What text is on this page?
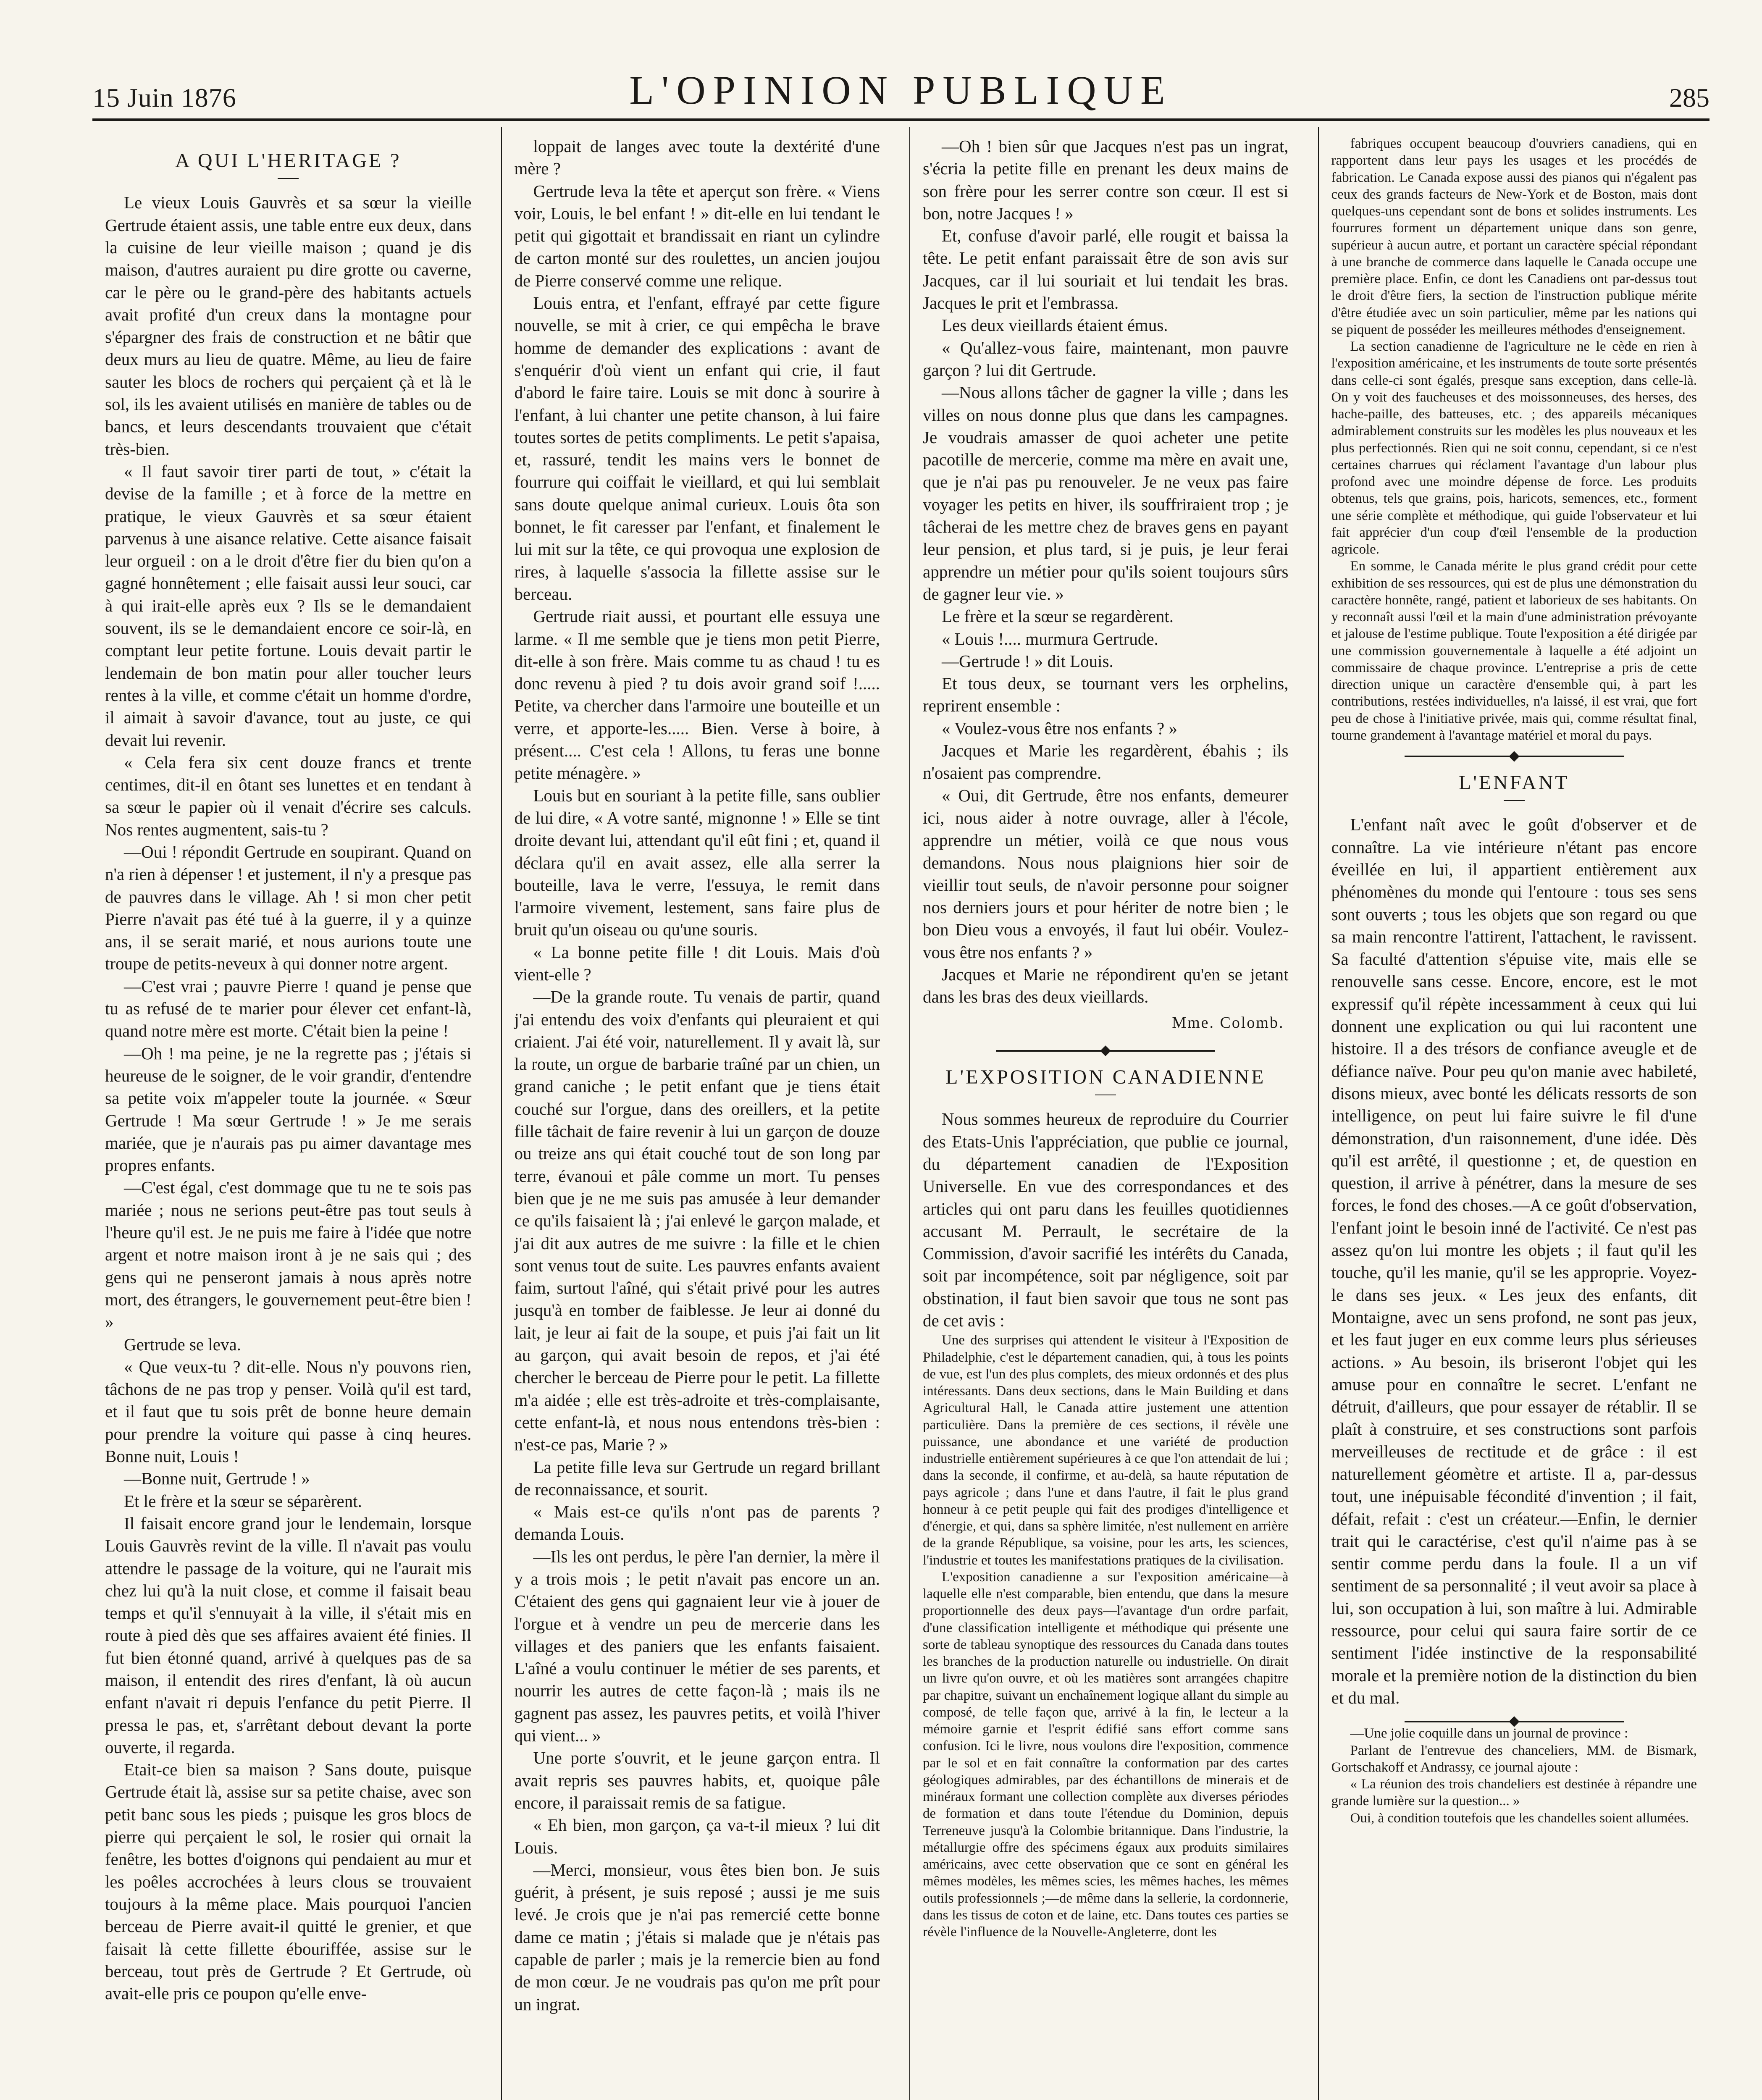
15 Juin 1876	L'OPINION PUBLIQUE	285
A QUI L'HERITAGE ?

Le vieux Louis Gauvrès et sa sœur la vieille Gertrude étaient assis, une table entre eux deux, dans la cuisine de leur vieille maison ; quand je dis maison, d'autres auraient pu dire grotte ou caverne, car le père ou le grand-père des habitants actuels avait profité d'un creux dans la montagne pour s'épargner des frais de construction et ne bâtir que deux murs au lieu de quatre. Même, au lieu de faire sauter les blocs de rochers qui perçaient çà et là le sol, ils les avaient utilisés en manière de tables ou de bancs, et leurs descendants trouvaient que c'était très-bien.

« Il faut savoir tirer parti de tout, » c'était la devise de la famille ; et à force de la mettre en pratique, le vieux Gauvrès et sa sœur étaient parvenus à une aisance relative. Cette aisance faisait leur orgueil : on a le droit d'être fier du bien qu'on a gagné honnêtement ; elle faisait aussi leur souci, car à qui irait-elle après eux ? Ils se le demandaient souvent, ils se le demandaient encore ce soir-là, en comptant leur petite fortune. Louis devait partir le lendemain de bon matin pour aller toucher leurs rentes à la ville, et comme c'était un homme d'ordre, il aimait à savoir d'avance, tout au juste, ce qui devait lui revenir.

« Cela fera six cent douze francs et trente centimes, dit-il en ôtant ses lunettes et en tendant à sa sœur le papier où il venait d'écrire ses calculs. Nos rentes augmentent, sais-tu ?

—Oui ! répondit Gertrude en soupirant. Quand on n'a rien à dépenser ! et justement, il n'y a presque pas de pauvres dans le village. Ah ! si mon cher petit Pierre n'avait pas été tué à la guerre, il y a quinze ans, il se serait marié, et nous aurions toute une troupe de petits-neveux à qui donner notre argent.

—C'est vrai ; pauvre Pierre ! quand je pense que tu as refusé de te marier pour élever cet enfant-là, quand notre mère est morte. C'était bien la peine !

—Oh ! ma peine, je ne la regrette pas ; j'étais si heureuse de le soigner, de le voir grandir, d'entendre sa petite voix m'appeler toute la journée. « Sœur Gertrude ! Ma sœur Gertrude ! » Je me serais mariée, que je n'aurais pas pu aimer davantage mes propres enfants.

—C'est égal, c'est dommage que tu ne te sois pas mariée ; nous ne serions peut-être pas tout seuls à l'heure qu'il est. Je ne puis me faire à l'idée que notre argent et notre maison iront à je ne sais qui ; des gens qui ne penseront jamais à nous après notre mort, des étrangers, le gouvernement peut-être bien ! »

Gertrude se leva.

« Que veux-tu ? dit-elle. Nous n'y pouvons rien, tâchons de ne pas trop y penser. Voilà qu'il est tard, et il faut que tu sois prêt de bonne heure demain pour prendre la voiture qui passe à cinq heures. Bonne nuit, Louis !

—Bonne nuit, Gertrude ! »

Et le frère et la sœur se séparèrent.

Il faisait encore grand jour le lendemain, lorsque Louis Gauvrès revint de la ville. Il n'avait pas voulu attendre le passage de la voiture, qui ne l'aurait mis chez lui qu'à la nuit close, et comme il faisait beau temps et qu'il s'ennuyait à la ville, il s'était mis en route à pied dès que ses affaires avaient été finies. Il fut bien étonné quand, arrivé à quelques pas de sa maison, il entendit des rires d'enfant, là où aucun enfant n'avait ri depuis l'enfance du petit Pierre. Il pressa le pas, et, s'arrêtant debout devant la porte ouverte, il regarda.

Etait-ce bien sa maison ? Sans doute, puisque Gertrude était là, assise sur sa petite chaise, avec son petit banc sous les pieds ; puisque les gros blocs de pierre qui perçaient le sol, le rosier qui ornait la fenêtre, les bottes d'oignons qui pendaient au mur et les poêles accrochées à leurs clous se trouvaient toujours à la même place. Mais pourquoi l'ancien berceau de Pierre avait-il quitté le grenier, et que faisait là cette fillette ébouriffée, assise sur le berceau, tout près de Gertrude ? Et Gertrude, où avait-elle pris ce poupon qu'elle enve-

loppait de langes avec toute la dextérité d'une mère ?

Gertrude leva la tête et aperçut son frère. « Viens voir, Louis, le bel enfant ! » dit-elle en lui tendant le petit qui gigottait et brandissait en riant un cylindre de carton monté sur des roulettes, un ancien joujou de Pierre conservé comme une relique.

Louis entra, et l'enfant, effrayé par cette figure nouvelle, se mit à crier, ce qui empêcha le brave homme de demander des explications : avant de s'enquérir d'où vient un enfant qui crie, il faut d'abord le faire taire. Louis se mit donc à sourire à l'enfant, à lui chanter une petite chanson, à lui faire toutes sortes de petits compliments. Le petit s'apaisa, et, rassuré, tendit les mains vers le bonnet de fourrure qui coiffait le vieillard, et qui lui semblait sans doute quelque animal curieux. Louis ôta son bonnet, le fit caresser par l'enfant, et finalement le lui mit sur la tête, ce qui provoqua une explosion de rires, à laquelle s'associa la fillette assise sur le berceau.

Gertrude riait aussi, et pourtant elle essuya une larme. « Il me semble que je tiens mon petit Pierre, dit-elle à son frère. Mais comme tu as chaud ! tu es donc revenu à pied ? tu dois avoir grand soif !..... Petite, va chercher dans l'armoire une bouteille et un verre, et apporte-les..... Bien. Verse à boire, à présent.... C'est cela ! Allons, tu feras une bonne petite ménagère. »

Louis but en souriant à la petite fille, sans oublier de lui dire, « A votre santé, mignonne ! » Elle se tint droite devant lui, attendant qu'il eût fini ; et, quand il déclara qu'il en avait assez, elle alla serrer la bouteille, lava le verre, l'essuya, le remit dans l'armoire vivement, lestement, sans faire plus de bruit qu'un oiseau ou qu'une souris.

« La bonne petite fille ! dit Louis. Mais d'où vient-elle ?

—De la grande route. Tu venais de partir, quand j'ai entendu des voix d'enfants qui pleuraient et qui criaient. J'ai été voir, naturellement. Il y avait là, sur la route, un orgue de barbarie traîné par un chien, un grand caniche ; le petit enfant que je tiens était couché sur l'orgue, dans des oreillers, et la petite fille tâchait de faire revenir à lui un garçon de douze ou treize ans qui était couché tout de son long par terre, évanoui et pâle comme un mort. Tu penses bien que je ne me suis pas amusée à leur demander ce qu'ils faisaient là ; j'ai enlevé le garçon malade, et j'ai dit aux autres de me suivre : la fille et le chien sont venus tout de suite. Les pauvres enfants avaient faim, surtout l'aîné, qui s'était privé pour les autres jusqu'à en tomber de faiblesse. Je leur ai donné du lait, je leur ai fait de la soupe, et puis j'ai fait un lit au garçon, qui avait besoin de repos, et j'ai été chercher le berceau de Pierre pour le petit. La fillette m'a aidée ; elle est très-adroite et très-complaisante, cette enfant-là, et nous nous entendons très-bien : n'est-ce pas, Marie ? »

La petite fille leva sur Gertrude un regard brillant de reconnaissance, et sourit.

« Mais est-ce qu'ils n'ont pas de parents ? demanda Louis.

—Ils les ont perdus, le père l'an dernier, la mère il y a trois mois ; le petit n'avait pas encore un an. C'étaient des gens qui gagnaient leur vie à jouer de l'orgue et à vendre un peu de mercerie dans les villages et des paniers que les enfants faisaient. L'aîné a voulu continuer le métier de ses parents, et nourrir les autres de cette façon-là ; mais ils ne gagnent pas assez, les pauvres petits, et voilà l'hiver qui vient... »

Une porte s'ouvrit, et le jeune garçon entra. Il avait repris ses pauvres habits, et, quoique pâle encore, il paraissait remis de sa fatigue.

« Eh bien, mon garçon, ça va-t-il mieux ? lui dit Louis.

—Merci, monsieur, vous êtes bien bon. Je suis guérit, à présent, je suis reposé ; aussi je me suis levé. Je crois que je n'ai pas remercié cette bonne dame ce matin ; j'étais si malade que je n'étais pas capable de parler ; mais je la remercie bien au fond de mon cœur. Je ne voudrais pas qu'on me prît pour un ingrat.

—Oh ! bien sûr que Jacques n'est pas un ingrat, s'écria la petite fille en prenant les deux mains de son frère pour les serrer contre son cœur. Il est si bon, notre Jacques ! »

Et, confuse d'avoir parlé, elle rougit et baissa la tête. Le petit enfant paraissait être de son avis sur Jacques, car il lui souriait et lui tendait les bras. Jacques le prit et l'embrassa.

Les deux vieillards étaient émus.

« Qu'allez-vous faire, maintenant, mon pauvre garçon ? lui dit Gertrude.

—Nous allons tâcher de gagner la ville ; dans les villes on nous donne plus que dans les campagnes. Je voudrais amasser de quoi acheter une petite pacotille de mercerie, comme ma mère en avait une, que je n'ai pas pu renouveler. Je ne veux pas faire voyager les petits en hiver, ils souffriraient trop ; je tâcherai de les mettre chez de braves gens en payant leur pension, et plus tard, si je puis, je leur ferai apprendre un métier pour qu'ils soient toujours sûrs de gagner leur vie. »

Le frère et la sœur se regardèrent.

« Louis !.... murmura Gertrude.

—Gertrude ! » dit Louis.

Et tous deux, se tournant vers les orphelins, reprirent ensemble :

« Voulez-vous être nos enfants ? »

Jacques et Marie les regardèrent, ébahis ; ils n'osaient pas comprendre.

« Oui, dit Gertrude, être nos enfants, demeurer ici, nous aider à notre ouvrage, aller à l'école, apprendre un métier, voilà ce que nous vous demandons. Nous nous plaignions hier soir de vieillir tout seuls, de n'avoir personne pour soigner nos derniers jours et pour hériter de notre bien ; le bon Dieu vous a envoyés, il faut lui obéir. Voulez-vous être nos enfants ? »

Jacques et Marie ne répondirent qu'en se jetant dans les bras des deux vieillards.

Mme. Colomb.
L'EXPOSITION CANADIENNE

Nous sommes heureux de reproduire du Courrier des Etats-Unis l'appréciation, que publie ce journal, du département canadien de l'Exposition Universelle. En vue des correspondances et des articles qui ont paru dans les feuilles quotidiennes accusant M. Perrault, le secrétaire de la Commission, d'avoir sacrifié les intérêts du Canada, soit par incompétence, soit par négligence, soit par obstination, il faut bien savoir que tous ne sont pas de cet avis :

Une des surprises qui attendent le visiteur à l'Exposition de Philadelphie, c'est le département canadien, qui, à tous les points de vue, est l'un des plus complets, des mieux ordonnés et des plus intéressants. Dans deux sections, dans le Main Building et dans Agricultural Hall, le Canada attire justement une attention particulière. Dans la première de ces sections, il révèle une puissance, une abondance et une variété de production industrielle entièrement supérieures à ce que l'on attendait de lui ; dans la seconde, il confirme, et au-delà, sa haute réputation de pays agricole ; dans l'une et dans l'autre, il fait le plus grand honneur à ce petit peuple qui fait des prodiges d'intelligence et d'énergie, et qui, dans sa sphère limitée, n'est nullement en arrière de la grande République, sa voisine, pour les arts, les sciences, l'industrie et toutes les manifestations pratiques de la civilisation.

L'exposition canadienne a sur l'exposition américaine—à laquelle elle n'est comparable, bien entendu, que dans la mesure proportionnelle des deux pays—l'avantage d'un ordre parfait, d'une classification intelligente et méthodique qui présente une sorte de tableau synoptique des ressources du Canada dans toutes les branches de la production naturelle ou industrielle. On dirait un livre qu'on ouvre, et où les matières sont arrangées chapitre par chapitre, suivant un enchaînement logique allant du simple au composé, de telle façon que, arrivé à la fin, le lecteur a la mémoire garnie et l'esprit édifié sans effort comme sans confusion. Ici le livre, nous voulons dire l'exposition, commence par le sol et en fait connaître la conformation par des cartes géologiques admirables, par des échantillons de minerais et de minéraux formant une collection complète aux diverses périodes de formation et dans toute l'étendue du Dominion, depuis Terreneuve jusqu'à la Colombie britannique. Dans l'industrie, la métallurgie offre des spécimens égaux aux produits similaires américains, avec cette observation que ce sont en général les mêmes modèles, les mêmes scies, les mêmes haches, les mêmes outils professionnels ;—de même dans la sellerie, la cordonnerie, dans les tissus de coton et de laine, etc. Dans toutes ces parties se révèle l'influence de la Nouvelle-Angleterre, dont les

fabriques occupent beaucoup d'ouvriers canadiens, qui en rapportent dans leur pays les usages et les procédés de fabrication. Le Canada expose aussi des pianos qui n'égalent pas ceux des grands facteurs de New-York et de Boston, mais dont quelques-uns cependant sont de bons et solides instruments. Les fourrures forment un département unique dans son genre, supérieur à aucun autre, et portant un caractère spécial répondant à une branche de commerce dans laquelle le Canada occupe une première place. Enfin, ce dont les Canadiens ont par-dessus tout le droit d'être fiers, la section de l'instruction publique mérite d'être étudiée avec un soin particulier, même par les nations qui se piquent de posséder les meilleures méthodes d'enseignement.

La section canadienne de l'agriculture ne le cède en rien à l'exposition américaine, et les instruments de toute sorte présentés dans celle-ci sont égalés, presque sans exception, dans celle-là. On y voit des faucheuses et des moissonneuses, des herses, des hache-paille, des batteuses, etc. ; des appareils mécaniques admirablement construits sur les modèles les plus nouveaux et les plus perfectionnés. Rien qui ne soit connu, cependant, si ce n'est certaines charrues qui réclament l'avantage d'un labour plus profond avec une moindre dépense de force. Les produits obtenus, tels que grains, pois, haricots, semences, etc., forment une série complète et méthodique, qui guide l'observateur et lui fait apprécier d'un coup d'œil l'ensemble de la production agricole.

En somme, le Canada mérite le plus grand crédit pour cette exhibition de ses ressources, qui est de plus une démonstration du caractère honnête, rangé, patient et laborieux de ses habitants. On y reconnaît aussi l'œil et la main d'une administration prévoyante et jalouse de l'estime publique. Toute l'exposition a été dirigée par une commission gouvernementale à laquelle a été adjoint un commissaire de chaque province. L'entreprise a pris de cette direction unique un caractère d'ensemble qui, à part les contributions, restées individuelles, n'a laissé, il est vrai, que fort peu de chose à l'initiative privée, mais qui, comme résultat final, tourne grandement à l'avantage matériel et moral du pays.

L'ENFANT

L'enfant naît avec le goût d'observer et de connaître. La vie intérieure n'étant pas encore éveillée en lui, il appartient entièrement aux phénomènes du monde qui l'entoure : tous ses sens sont ouverts ; tous les objets que son regard ou que sa main rencontre l'attirent, l'attachent, le ravissent. Sa faculté d'attention s'épuise vite, mais elle se renouvelle sans cesse. Encore, encore, est le mot expressif qu'il répète incessamment à ceux qui lui donnent une explication ou qui lui racontent une histoire. Il a des trésors de confiance aveugle et de défiance naïve. Pour peu qu'on manie avec habileté, disons mieux, avec bonté les délicats ressorts de son intelligence, on peut lui faire suivre le fil d'une démonstration, d'un raisonnement, d'une idée. Dès qu'il est arrêté, il questionne ; et, de question en question, il arrive à pénétrer, dans la mesure de ses forces, le fond des choses.—A ce goût d'observation, l'enfant joint le besoin inné de l'activité. Ce n'est pas assez qu'on lui montre les objets ; il faut qu'il les touche, qu'il les manie, qu'il se les approprie. Voyez-le dans ses jeux. « Les jeux des enfants, dit Montaigne, avec un sens profond, ne sont pas jeux, et les faut juger en eux comme leurs plus sérieuses actions. » Au besoin, ils briseront l'objet qui les amuse pour en connaître le secret. L'enfant ne détruit, d'ailleurs, que pour essayer de rétablir. Il se plaît à construire, et ses constructions sont parfois merveilleuses de rectitude et de grâce : il est naturellement géomètre et artiste. Il a, par-dessus tout, une inépuisable fécondité d'invention ; il fait, défait, refait : c'est un créateur.—Enfin, le dernier trait qui le caractérise, c'est qu'il n'aime pas à se sentir comme perdu dans la foule. Il a un vif sentiment de sa personnalité ; il veut avoir sa place à lui, son occupation à lui, son maître à lui. Admirable ressource, pour celui qui saura faire sortir de ce sentiment l'idée instinctive de la responsabilité morale et la première notion de la distinction du bien et du mal.

—Une jolie coquille dans un journal de province :

Parlant de l'entrevue des chanceliers, MM. de Bismark, Gortschakoff et Andrassy, ce journal ajoute :

« La réunion des trois chandeliers est destinée à répandre une grande lumière sur la question... »

Oui, à condition toutefois que les chandelles soient allumées.
